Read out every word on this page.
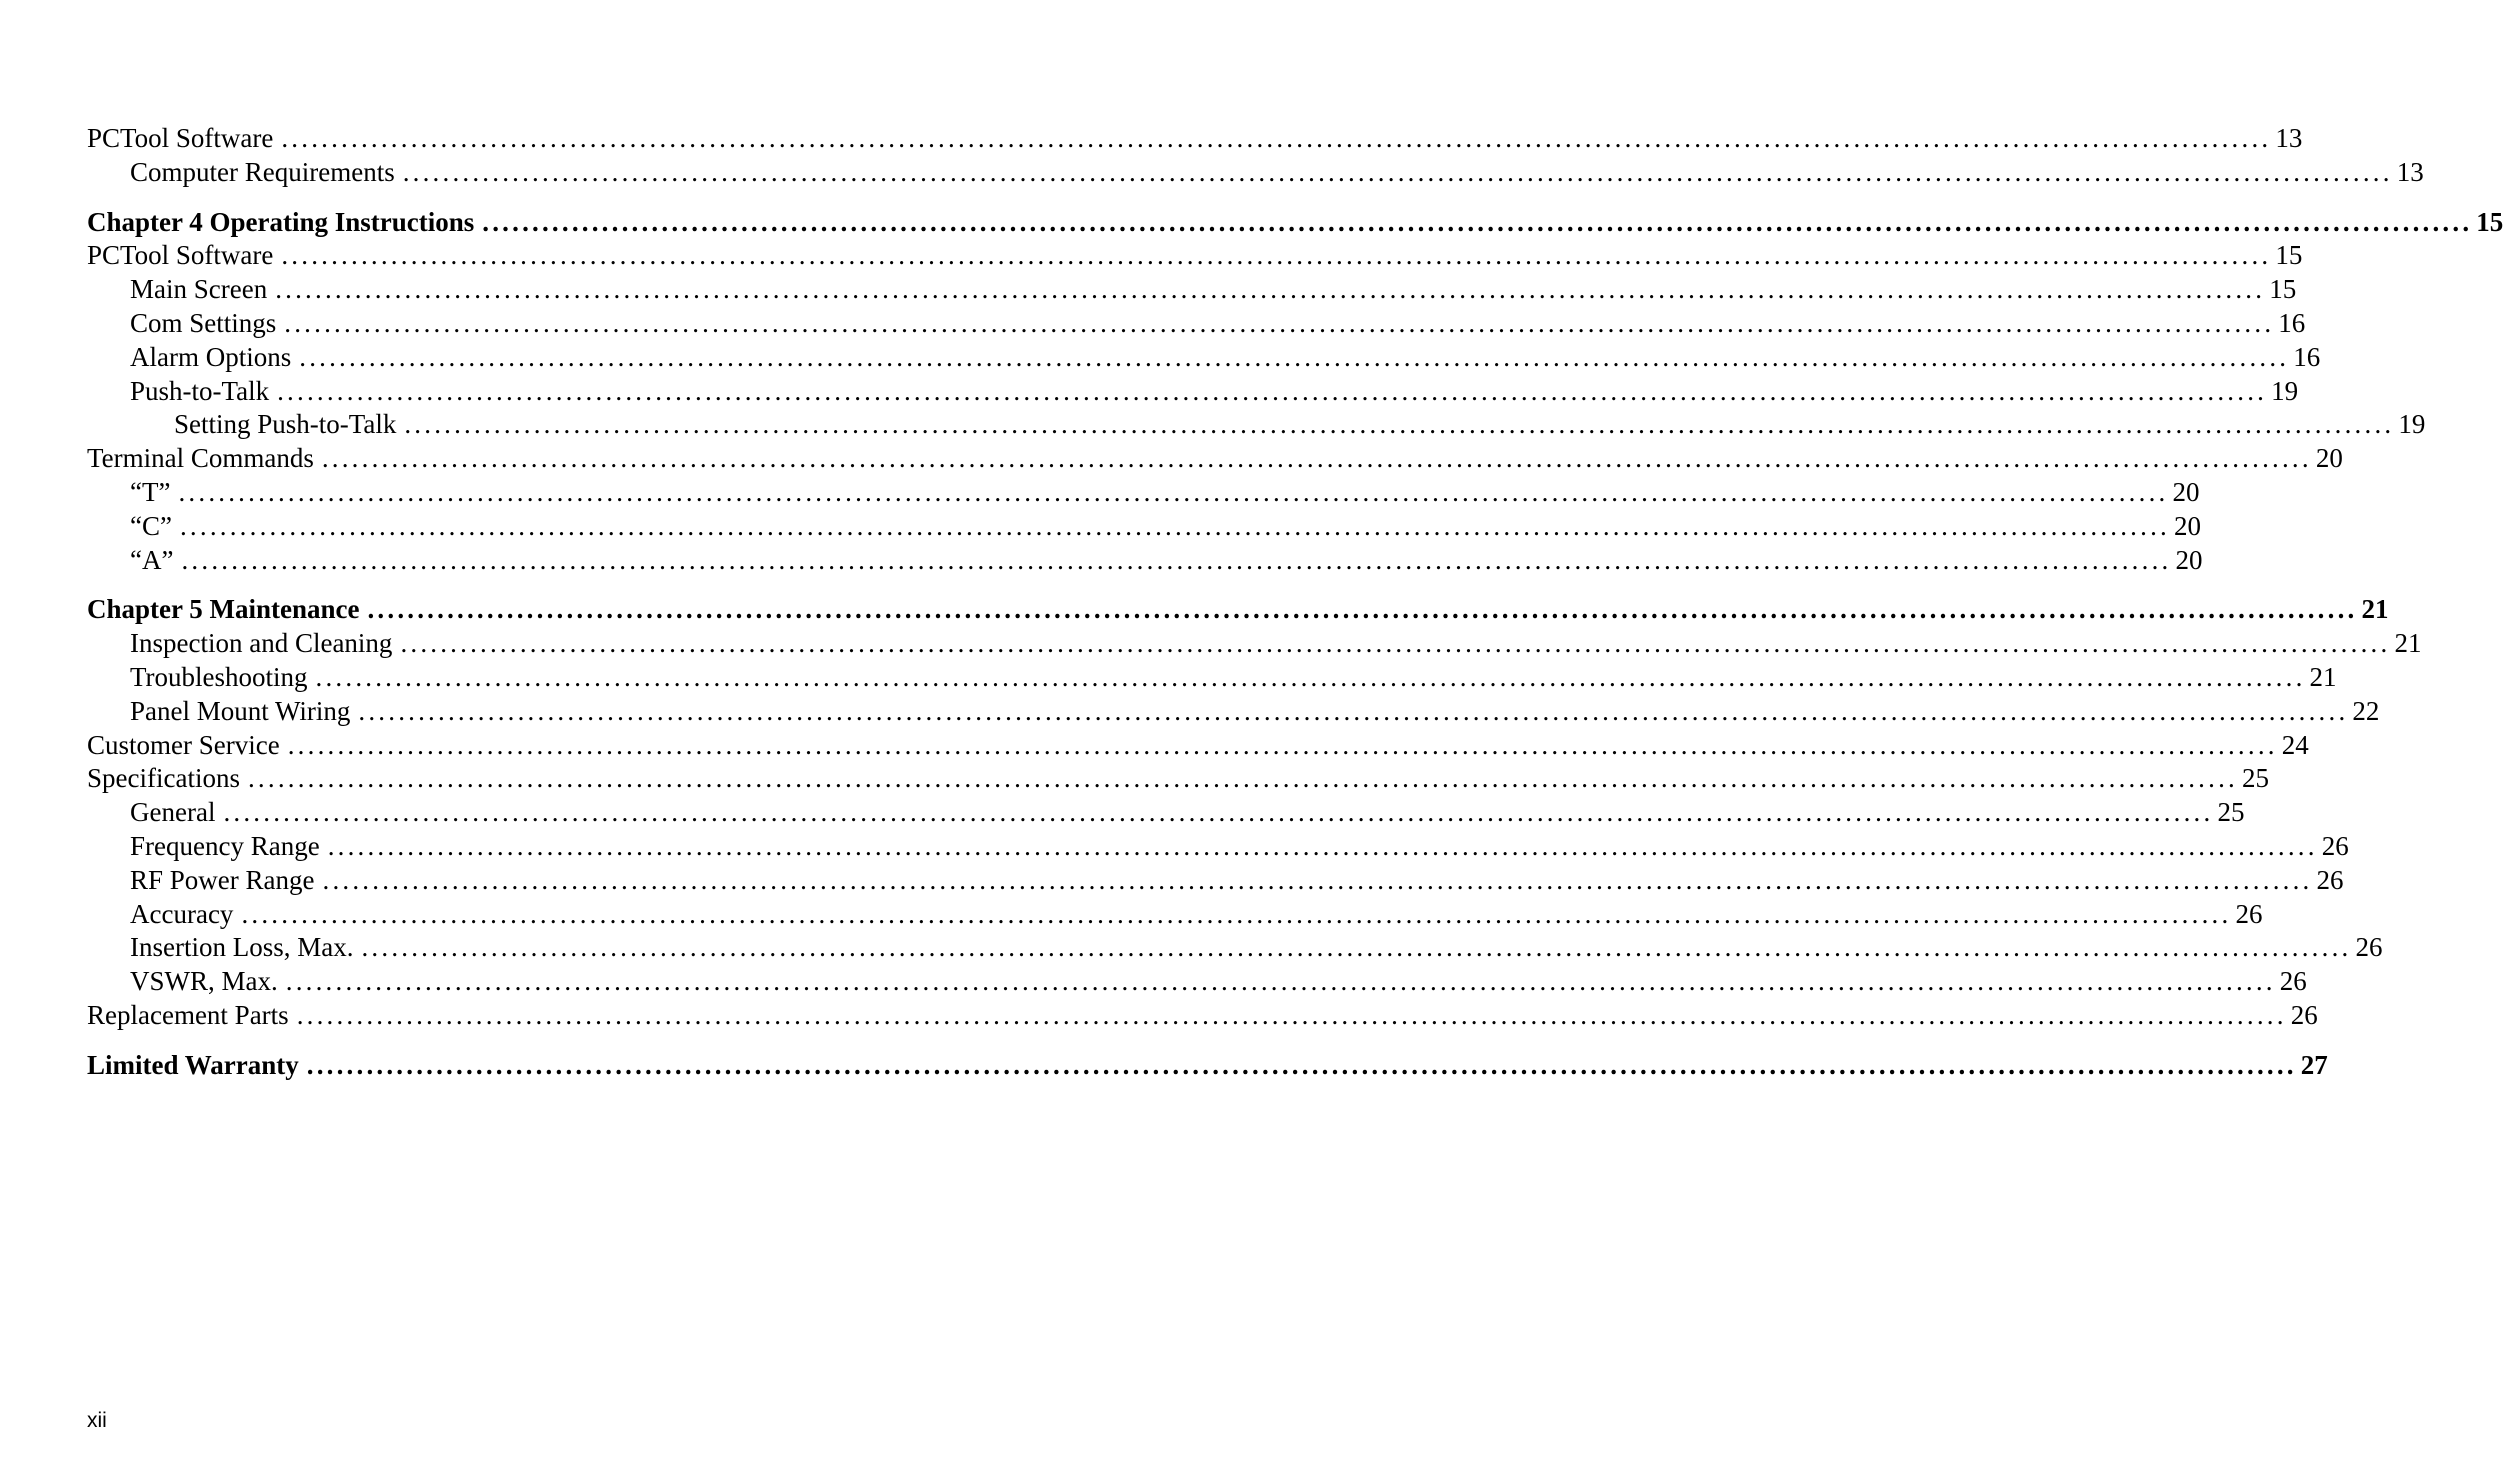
PCTool Software ........................................................................................................................................................................................................ 13
Computer Requirements ........................................................................................................................................................................................................ 13
Chapter 4 Operating Instructions ........................................................................................................................................................................................................ 15
PCTool Software ........................................................................................................................................................................................................ 15
Main Screen ........................................................................................................................................................................................................ 15
Com Settings ........................................................................................................................................................................................................ 16
Alarm Options ........................................................................................................................................................................................................ 16
Push-to-Talk ........................................................................................................................................................................................................ 19
Setting Push-to-Talk ........................................................................................................................................................................................................ 19
Terminal Commands ........................................................................................................................................................................................................ 20
“T” ........................................................................................................................................................................................................ 20
“C” ........................................................................................................................................................................................................ 20
“A” ........................................................................................................................................................................................................ 20
Chapter 5 Maintenance ........................................................................................................................................................................................................ 21
Inspection and Cleaning ........................................................................................................................................................................................................ 21
Troubleshooting ........................................................................................................................................................................................................ 21
Panel Mount Wiring ........................................................................................................................................................................................................ 22
Customer Service ........................................................................................................................................................................................................ 24
Specifications ........................................................................................................................................................................................................ 25
General ........................................................................................................................................................................................................ 25
Frequency Range ........................................................................................................................................................................................................ 26
RF Power Range ........................................................................................................................................................................................................ 26
Accuracy ........................................................................................................................................................................................................ 26
Insertion Loss, Max. ........................................................................................................................................................................................................ 26
VSWR, Max. ........................................................................................................................................................................................................ 26
Replacement Parts ........................................................................................................................................................................................................ 26
Limited Warranty ........................................................................................................................................................................................................ 27
xii
